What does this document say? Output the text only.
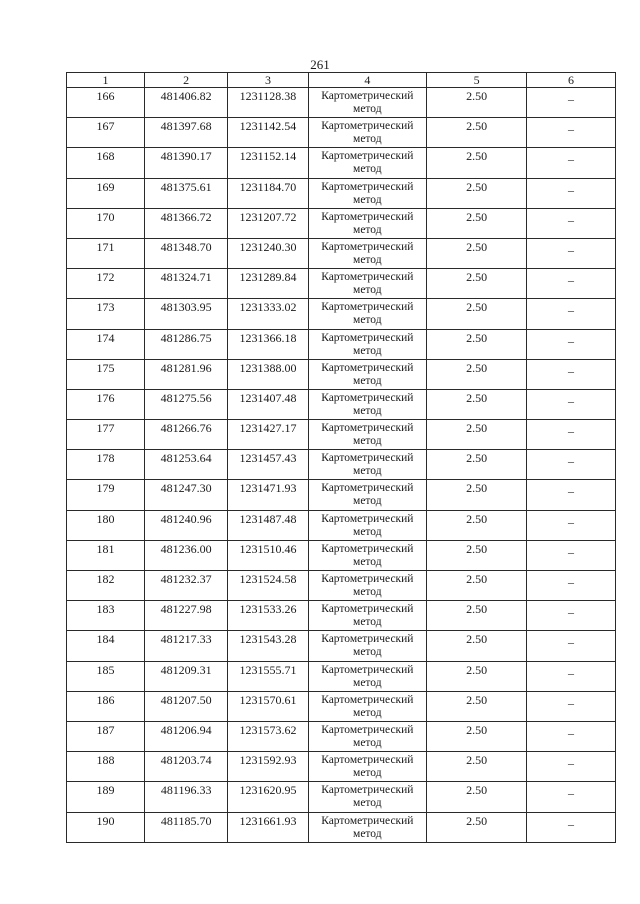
261
1	2	3	4	5	6
166	481406.82	1231128.38	Картометрический метод	2.50	–
167	481397.68	1231142.54	Картометрический метод	2.50	–
168	481390.17	1231152.14	Картометрический метод	2.50	–
169	481375.61	1231184.70	Картометрический метод	2.50	–
170	481366.72	1231207.72	Картометрический метод	2.50	–
171	481348.70	1231240.30	Картометрический метод	2.50	–
172	481324.71	1231289.84	Картометрический метод	2.50	–
173	481303.95	1231333.02	Картометрический метод	2.50	–
174	481286.75	1231366.18	Картометрический метод	2.50	–
175	481281.96	1231388.00	Картометрический метод	2.50	–
176	481275.56	1231407.48	Картометрический метод	2.50	–
177	481266.76	1231427.17	Картометрический метод	2.50	–
178	481253.64	1231457.43	Картометрический метод	2.50	–
179	481247.30	1231471.93	Картометрический метод	2.50	–
180	481240.96	1231487.48	Картометрический метод	2.50	–
181	481236.00	1231510.46	Картометрический метод	2.50	–
182	481232.37	1231524.58	Картометрический метод	2.50	–
183	481227.98	1231533.26	Картометрический метод	2.50	–
184	481217.33	1231543.28	Картометрический метод	2.50	–
185	481209.31	1231555.71	Картометрический метод	2.50	–
186	481207.50	1231570.61	Картометрический метод	2.50	–
187	481206.94	1231573.62	Картометрический метод	2.50	–
188	481203.74	1231592.93	Картометрический метод	2.50	–
189	481196.33	1231620.95	Картометрический метод	2.50	–
190	481185.70	1231661.93	Картометрический метод	2.50	–
